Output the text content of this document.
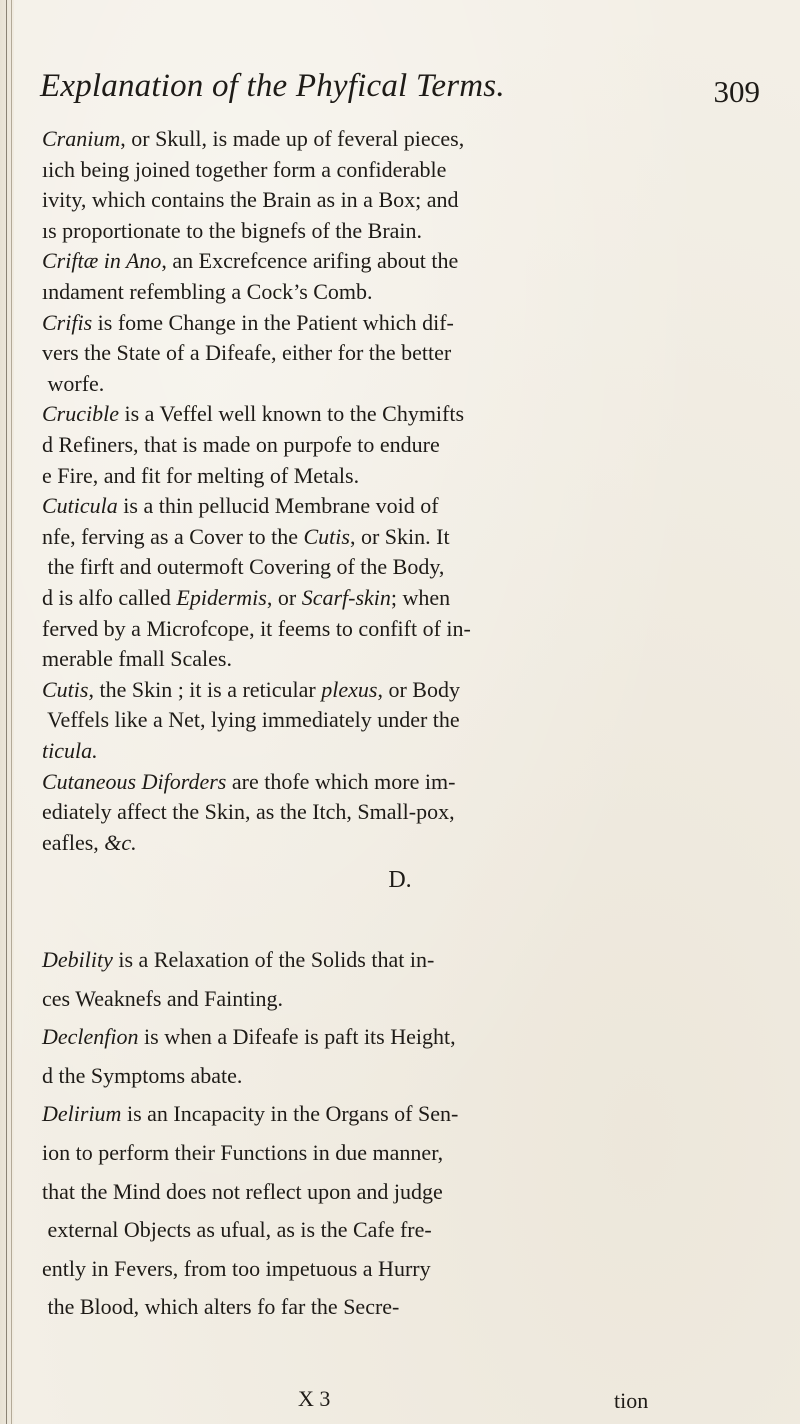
Explanation of the Phyfical Terms.	309
Cranium, or Skull, is made up of feveral pieces,
ıich being joined together form a confiderable
ivity, which contains the Brain as in a Box; and
ıs proportionate to the bignefs of the Brain.
Criftæ in Ano, an Excrefcence arifing about the
ındament refembling a Cock’s Comb.
Crifis is fome Change in the Patient which dif-
vers the State of a Difeafe, either for the better
worfe.
Crucible is a Veffel well known to the Chymifts
d Refiners, that is made on purpofe to endure
e Fire, and fit for melting of Metals.
Cuticula is a thin pellucid Membrane void of
nfe, ferving as a Cover to the Cutis, or Skin. It
the firft and outermoft Covering of the Body,
d is alfo called Epidermis, or Scarf-skin; when
ferved by a Microfcope, it feems to confift of in-
merable fmall Scales.
Cutis, the Skin ; it is a reticular plexus, or Body
Veffels like a Net, lying immediately under the
ticula.
Cutaneous Diforders are thofe which more im-
ediately affect the Skin, as the Itch, Small-pox,
eafles, &c.
Debility is a Relaxation of the Solids that in-
ces Weaknefs and Fainting.
Declenfion is when a Difeafe is paft its Height,
d the Symptoms abate.
Delirium is an Incapacity in the Organs of Sen-
ion to perform their Functions in due manner,
that the Mind does not reflect upon and judge
external Objects as ufual, as is the Cafe fre-
ently in Fevers, from too impetuous a Hurry
the Blood, which alters fo far the Secre-
D.
X 3	tion
